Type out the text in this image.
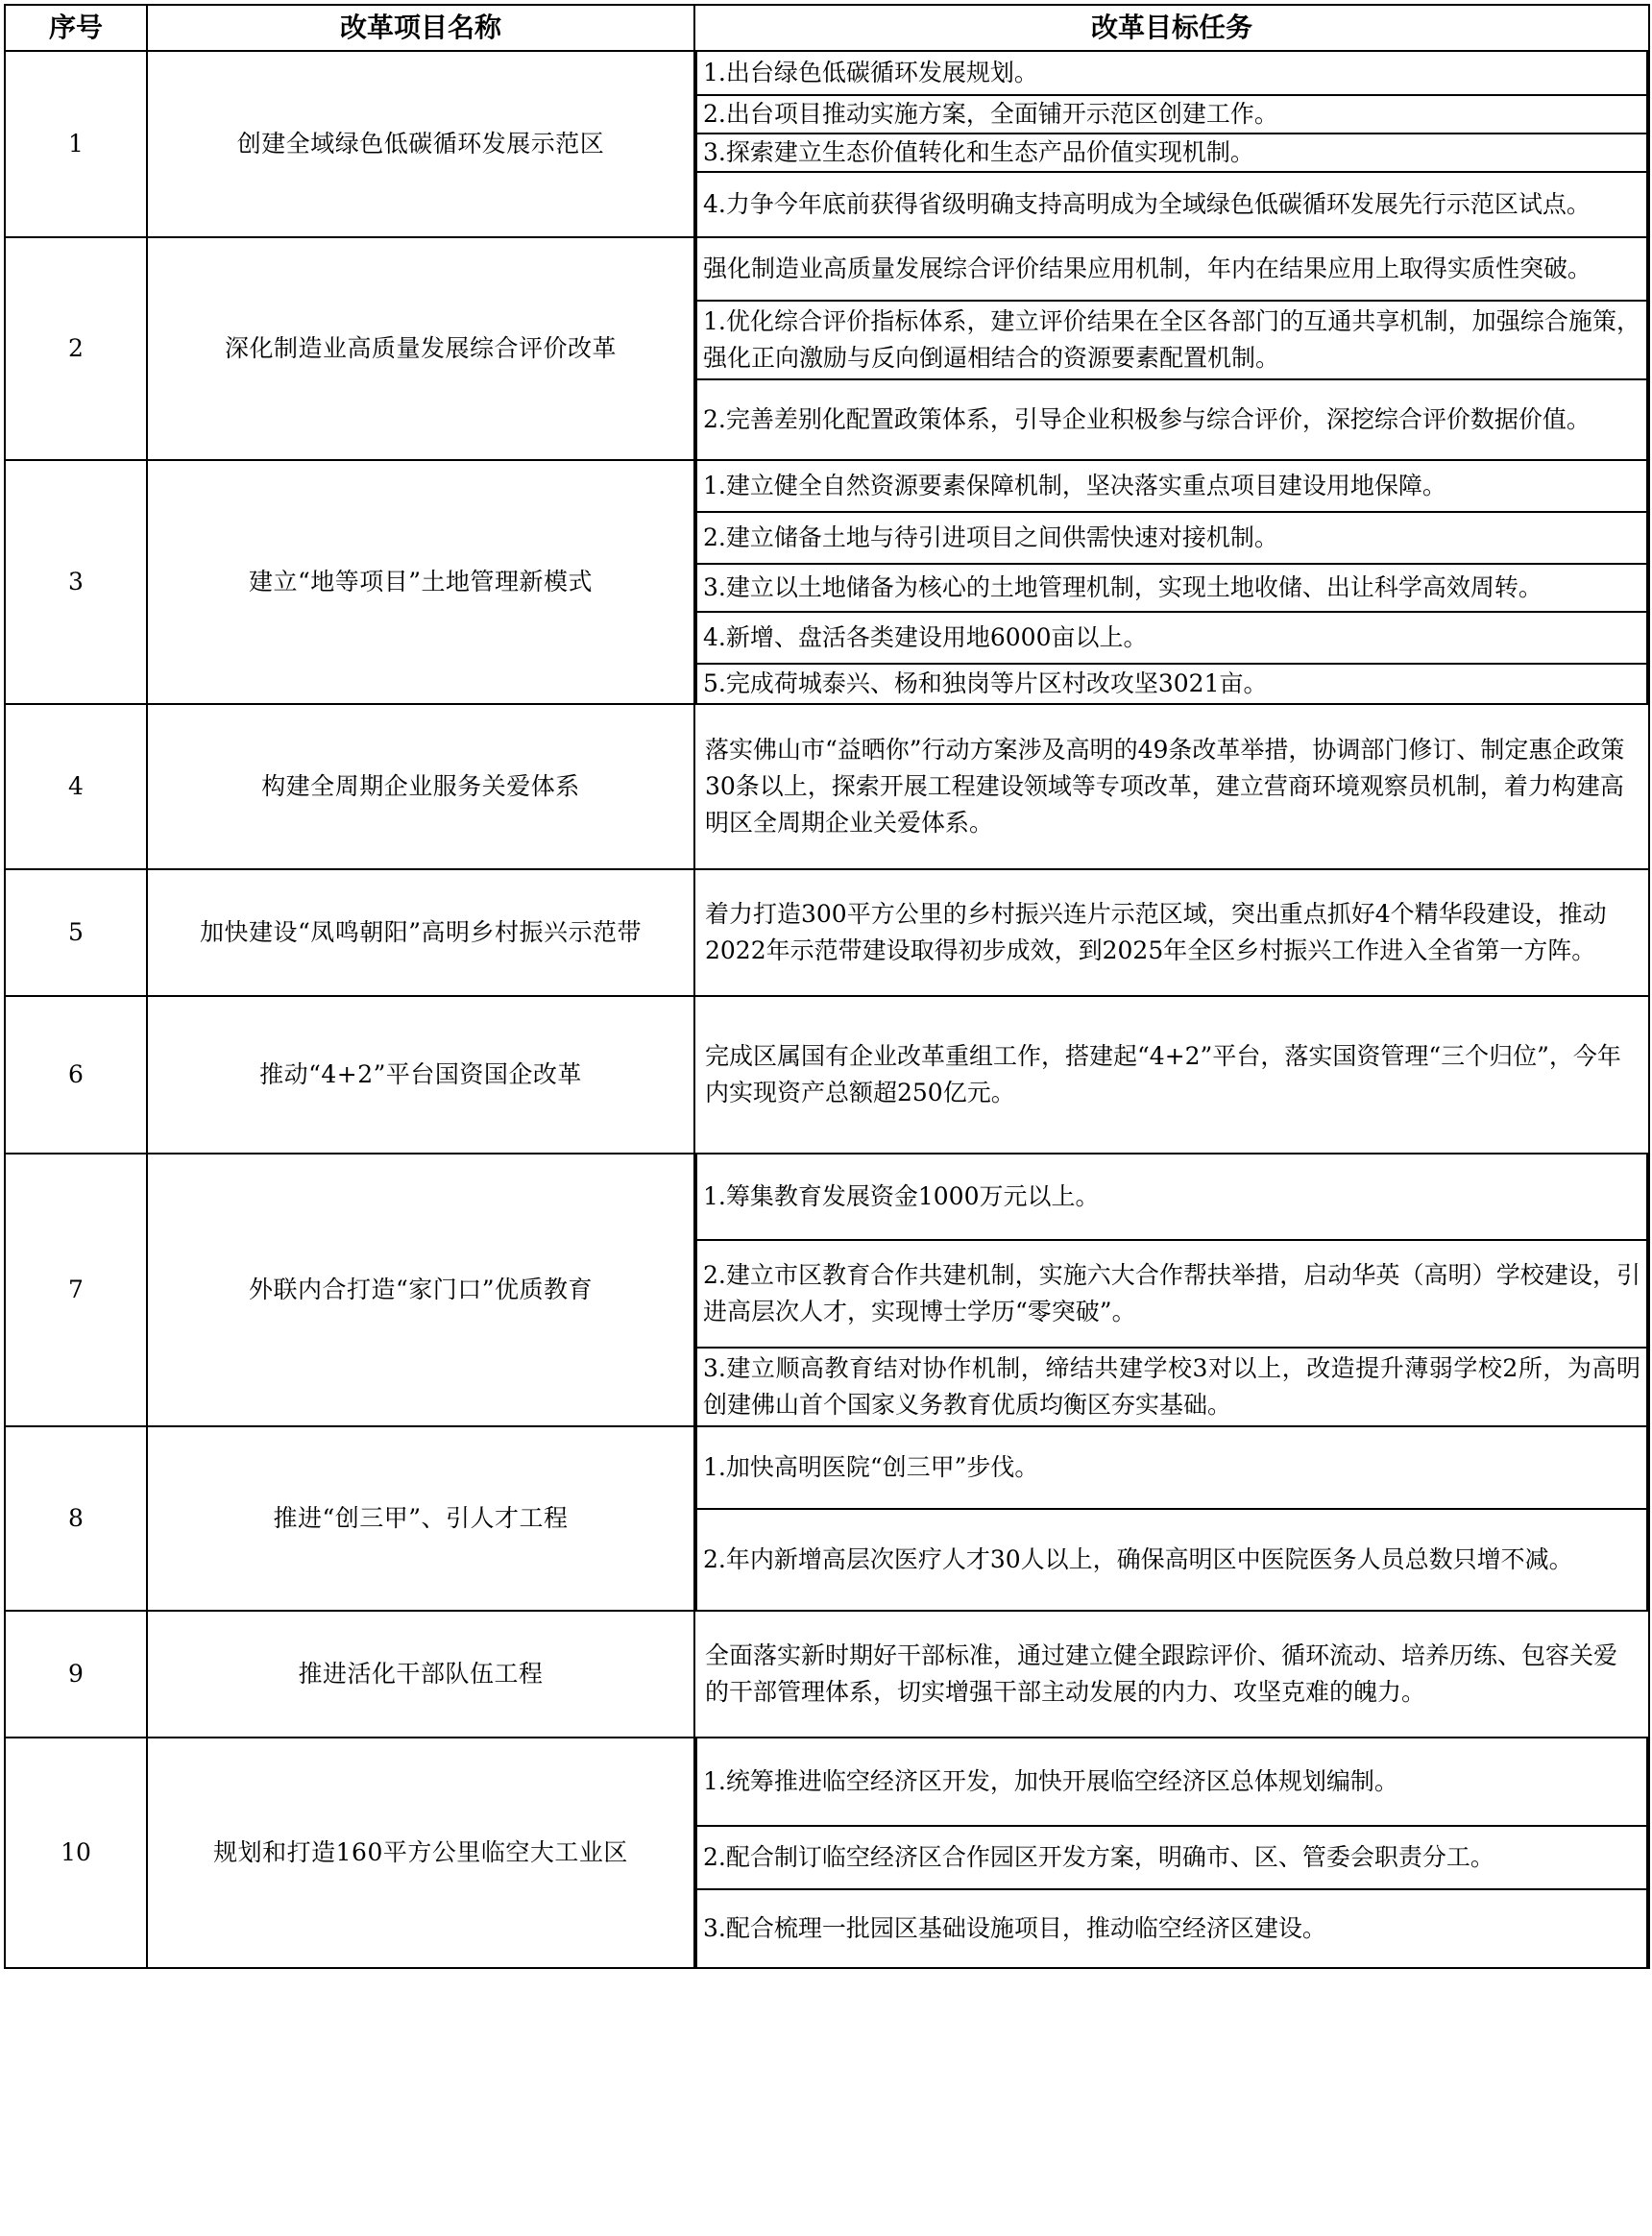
序号	改革项目名称	改革目标任务
1	创建全域绿色低碳循环发展示范区	1.出台绿色低碳循环发展规划。
2.出台项目推动实施方案，全面铺开示范区创建工作。
3.探索建立生态价值转化和生态产品价值实现机制。
4.力争今年底前获得省级明确支持高明成为全域绿色低碳循环发展先行示范区试点。

2	深化制造业高质量发展综合评价改革	强化制造业高质量发展综合评价结果应用机制，年内在结果应用上取得实质性突破。
1.优化综合评价指标体系，建立评价结果在全区各部门的互通共享机制，加强综合施策，强化正向激励与反向倒逼相结合的资源要素配置机制。
2.完善差别化配置政策体系，引导企业积极参与综合评价，深挖综合评价数据价值。

3	建立“地等项目”土地管理新模式	1.建立健全自然资源要素保障机制，坚决落实重点项目建设用地保障。
2.建立储备土地与待引进项目之间供需快速对接机制。
3.建立以土地储备为核心的土地管理机制，实现土地收储、出让科学高效周转。
4.新增、盘活各类建设用地6000亩以上。
5.完成荷城泰兴、杨和独岗等片区村改攻坚3021亩。

4	构建全周期企业服务关爱体系	落实佛山市“益晒你”行动方案涉及高明的49条改革举措，协调部门修订、制定惠企政策30条以上，探索开展工程建设领域等专项改革，建立营商环境观察员机制，着力构建高明区全周期企业关爱体系。

5	加快建设“凤鸣朝阳”高明乡村振兴示范带	着力打造300平方公里的乡村振兴连片示范区域，突出重点抓好4个精华段建设，推动2022年示范带建设取得初步成效，到2025年全区乡村振兴工作进入全省第一方阵。

6	推动“4+2”平台国资国企改革	完成区属国有企业改革重组工作，搭建起“4+2”平台，落实国资管理“三个归位”，今年内实现资产总额超250亿元。

7	外联内合打造“家门口”优质教育	1.筹集教育发展资金1000万元以上。
2.建立市区教育合作共建机制，实施六大合作帮扶举措，启动华英（高明）学校建设，引进高层次人才，实现博士学历“零突破”。
3.建立顺高教育结对协作机制，缔结共建学校3对以上，改造提升薄弱学校2所，为高明创建佛山首个国家义务教育优质均衡区夯实基础。

8	推进“创三甲”、引人才工程	1.加快高明医院“创三甲”步伐。
2.年内新增高层次医疗人才30人以上，确保高明区中医院医务人员总数只增不减。

9	推进活化干部队伍工程	全面落实新时期好干部标准，通过建立健全跟踪评价、循环流动、培养历练、包容关爱的干部管理体系，切实增强干部主动发展的内力、攻坚克难的魄力。

10	规划和打造160平方公里临空大工业区	1.统筹推进临空经济区开发，加快开展临空经济区总体规划编制。
2.配合制订临空经济区合作园区开发方案，明确市、区、管委会职责分工。
3.配合梳理一批园区基础设施项目，推动临空经济区建设。
